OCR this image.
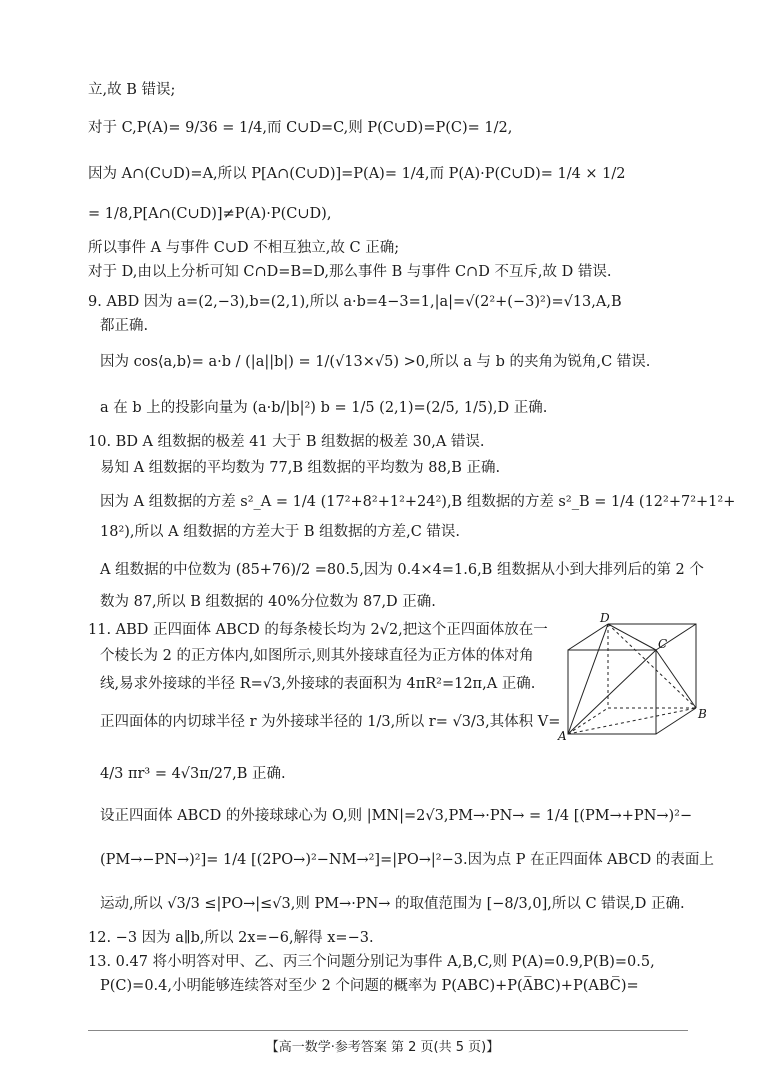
立,故 B 错误;
对于 C,P(A)= 9/36 = 1/4,而 C∪D=C,则 P(C∪D)=P(C)= 1/2,
因为 A∩(C∪D)=A,所以 P[A∩(C∪D)]=P(A)= 1/4,而 P(A)·P(C∪D)= 1/4 × 1/2
= 1/8,P[A∩(C∪D)]≠P(A)·P(C∪D),
所以事件 A 与事件 C∪D 不相互独立,故 C 正确;
对于 D,由以上分析可知 C∩D=B=D,那么事件 B 与事件 C∩D 不互斥,故 D 错误.
9. ABD 因为 a=(2,−3),b=(2,1),所以 a·b=4−3=1,|a|=√(2²+(−3)²)=√13,A,B
都正确.
因为 cos⟨a,b⟩= a·b / (|a||b|) = 1/(√13×√5) >0,所以 a 与 b 的夹角为锐角,C 错误.
a 在 b 上的投影向量为 (a·b/|b|²) b = 1/5 (2,1)=(2/5, 1/5),D 正确.
10. BD A 组数据的极差 41 大于 B 组数据的极差 30,A 错误.
易知 A 组数据的平均数为 77,B 组数据的平均数为 88,B 正确.
因为 A 组数据的方差 s²_A = 1/4 (17²+8²+1²+24²),B 组数据的方差 s²_B = 1/4 (12²+7²+1²+
18²),所以 A 组数据的方差大于 B 组数据的方差,C 错误.
A 组数据的中位数为 (85+76)/2 =80.5,因为 0.4×4=1.6,B 组数据从小到大排列后的第 2 个
数为 87,所以 B 组数据的 40%分位数为 87,D 正确.
11. ABD 正四面体 ABCD 的每条棱长均为 2√2,把这个正四面体放在一
个棱长为 2 的正方体内,如图所示,则其外接球直径为正方体的体对角
线,易求外接球的半径 R=√3,外接球的表面积为 4πR²=12π,A 正确.
正四面体的内切球半径 r 为外接球半径的 1/3,所以 r= √3/3,其体积 V=
4/3 πr³ = 4√3π/27,B 正确.
设正四面体 ABCD 的外接球球心为 O,则 |MN|=2√3,PM→·PN→ = 1/4 [(PM→+PN→)²−
(PM→−PN→)²]= 1/4 [(2PO→)²−NM→²]=|PO→|²−3.因为点 P 在正四面体 ABCD 的表面上
运动,所以 √3/3 ≤|PO→|≤√3,则 PM→·PN→ 的取值范围为 [−8/3,0],所以 C 错误,D 正确.
12. −3 因为 a∥b,所以 2x=−6,解得 x=−3.
13. 0.47 将小明答对甲、乙、丙三个问题分别记为事件 A,B,C,则 P(A)=0.9,P(B)=0.5,
P(C)=0.4,小明能够连续答对至少 2 个问题的概率为 P(ABC)+P(A̅BC)+P(ABC̅)=
D
C
B
A
【高一数学·参考答案 第 2 页(共 5 页)】
